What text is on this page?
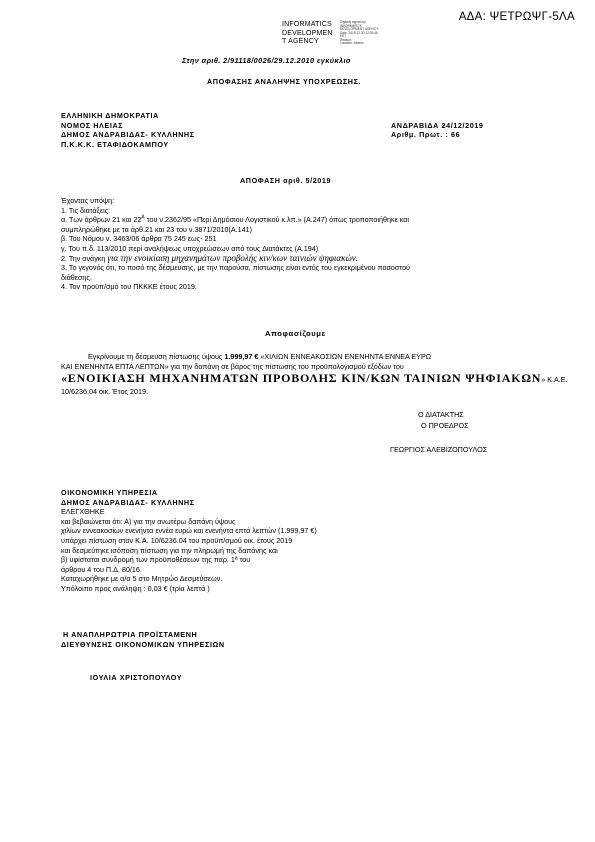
ΑΔΑ: ΨΕΤΡΩΨΓ-5ΛΑ
INFORMATICS
DEVELOPMEN
T AGENCY
Digitally signed by
INFORMATICS
DEVELOPMENT AGENCY
Date: 2019.12.30 12:03:46
EET
Reason:
Location: Athens
Στην αριθ. 2/91118/0026/29.12.2010 εγκύκλιο
ΑΠΟΦΑΣΗΣ ΑΝΑΛΗΨΗΣ ΥΠΟΧΡΕΩΣΗΣ.
ΕΛΛΗΝΙΚΗ ΔΗΜΟΚΡΑΤΙΑ
ΝΟΜΟΣ ΗΛΕΙΑΣ
ΔΗΜΟΣ ΑΝΔΡΑΒΙΔΑΣ- ΚΥΛΛΗΝΗΣ
Π.Κ.Κ.Κ. ΕΤΑΦΙΔΟΚΑΜΠΟΥ
ΑΝΔΡΑΒΙΔΑ 24/12/2019
Αριθμ. Πρωτ. : 66
ΑΠΟΦΑΣΗ αριθ. 5/2019
Έχοντας υπόψη:
1. Τις διατάξεις:
α. Των άρθρων 21 και $22^A$ του ν.2362/95 «Περί Δημόσιου Λογιστικού κ.λπ.» (Α.247) όπως τροποποιήθηκε και
συμπληρώθηκε με τα άρθ.21 και 23 του ν.3871/2010(Α.141)
β. Του Νόμου ν. 3463/06 άρθρα 75 245 εως- 251
γ. Του π.δ. 113/2010 περί αναλήψεως υποχρεώσεων από τους Διατάκτες (Α.194)
2. Την ανάγκη για την ενοικίαση μηχανημάτων προβολής κιν/κων ταινιών ψηφιακών.
3. Το γεγονός ότι, το ποσό της δέσμευσης, με την παρούσα, πίστωσης είναι εντός του εγκεκριμένου ποσοστού
διάθεσης.
4. Τον προϋπ/σμό του ΠΚΚΚΕ έτους 2019.
Αποφασίζουμε
Εγκρίνουμε τη δέσμευση πίστωσης ύψους 1.999,97 € «ΧΙΛΙΩΝ ΕΝΝΕΑΚΟΣΙΩΝ ΕΝΕΝΗΝΤΑ ΕΝΝΕΑ ΕΥΡΩ
ΚΑΙ ΕΝΕΝΗΝΤΑ ΕΠΤΑ ΛΕΠΤΩΝ» για την δαπάνη σε βάρος της πίστωσης του προϋπολογισμού εξόδων του
«ΕΝΟΙΚΙΑΣΗ ΜΗΧΑΝΗΜΑΤΩΝ ΠΡΟΒΟΛΗΣ ΚΙΝ/ΚΩΝ ΤΑΙΝΙΩΝ ΨΗΦΙΑΚΩΝ» Κ.Α.Ε.
10/6236.04 οικ. Έτος 2019.
Ο ΔΙΑΤΑΚΤΗΣ
Ο ΠΡΟΕΔΡΟΣ
ΓΕΩΡΓΙΟΣ ΑΛΕΒΙΖΟΠΟΥΛΟΣ
ΟΙΚΟΝΟΜΙΚΗ ΥΠΗΡΕΣΙΑ
ΔΗΜΟΣ ΑΝΔΡΑΒΙΔΑΣ- ΚΥΛΛΗΝΗΣ
ΕΛΕΓΧΘΗΚΕ
και βεβαιώνεται ότι: Α) για την ανωτέρω δαπάνη ύψους
χιλίων εννεακοσίων ενενήντα εννέα ευρώ και ενενήντα επτά λεπτών (1.999,97 €)
υπάρχει πίστωση στον Κ.Α. 10/6236.04 του προϋπ/σμού οικ. έτους 2019
και δεσμεύτηκε ισόποση πίστωση για την πληρωμή της δαπάνης και
β) υφίσταται συνδρομή των προϋποθέσεων της παρ. 1ª του
άρθρου 4 του Π.Δ. 80/16.
Καταχωρήθηκε με α/α 5 στο Μητρώο Δεσμεύσεων.
Υπόλοιπο προς ανάληψη : 0,03 € (τρία λεπτά )
Η ΑΝΑΠΛΗΡΩΤΡΙΑ ΠΡΟΪΣΤΑΜΕΝΗ
ΔΙΕΥΘΥΝΣΗΣ ΟΙΚΟΝΟΜΙΚΩΝ ΥΠΗΡΕΣΙΩΝ
ΙΟΥΛΙΑ ΧΡΙΣΤΟΠΟΥΛΟΥ
